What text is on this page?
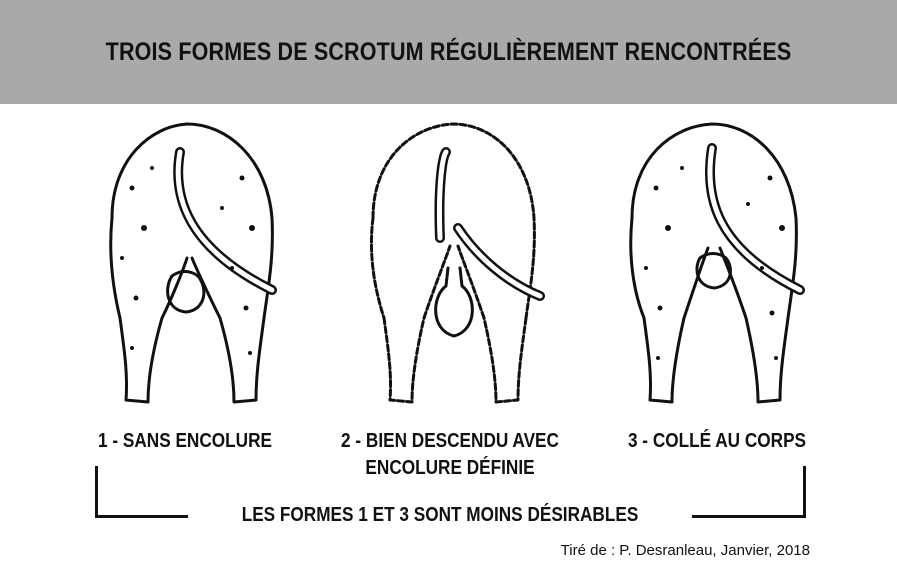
TROIS FORMES DE SCROTUM RÉGULIÈREMENT RENCONTRÉES
1 - SANS ENCOLURE	2 - BIEN DESCENDU AVEC
ENCOLURE DÉFINIE
3 - COLLÉ AU CORPS
LES FORMES 1 ET 3 SONT MOINS DÉSIRABLES
Tiré de : P. Desranleau, Janvier, 2018
